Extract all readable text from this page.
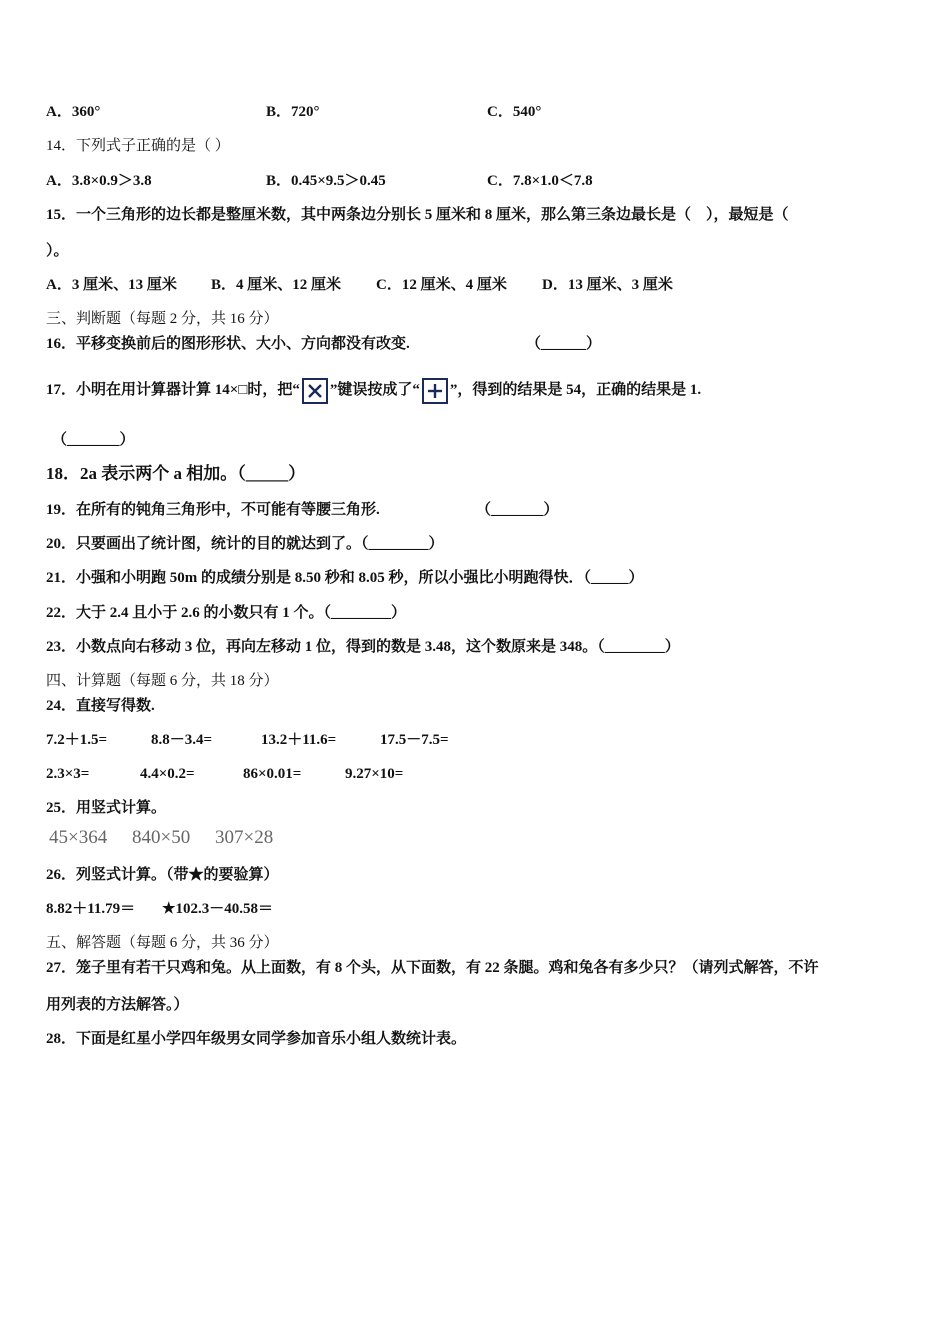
A．360°	B．720°	C．540°
14．下列式子正确的是（ ）
A．3.8×0.9＞3.8	B．0.45×9.5＞0.45	C．7.8×1.0＜7.8
15．一个三角形的边长都是整厘米数，其中两条边分别长 5 厘米和 8 厘米，那么第三条边最长是（　），最短是（
）。
A．3 厘米、13 厘米 B．4 厘米、12 厘米 C．12 厘米、4 厘米 D．13 厘米、3 厘米
三、判断题（每题 2 分，共 16 分）
16．平移变换前后的图形形状、大小、方向都没有改变.	（______）
17．小明在用计算器计算 14×□时，把“ ”键误按成了“ ”，得到的结果是 54，正确的结果是 1.
（_______）
18．2a 表示两个 a 相加。（_____）
19．在所有的钝角三角形中，不可能有等腰三角形.	（_______）
20．只要画出了统计图，统计的目的就达到了。（________）
21．小强和小明跑 50m 的成绩分别是 8.50 秒和 8.05 秒，所以小强比小明跑得快．（_____）
22．大于 2.4 且小于 2.6 的小数只有 1 个。（________）
23．小数点向右移动 3 位，再向左移动 1 位，得到的数是 3.48，这个数原来是 348。（________）
四、计算题（每题 6 分，共 18 分）
24．直接写得数.
7.2＋1.5=	8.8－3.4=	13.2＋11.6=	17.5－7.5=
2.3×3=	4.4×0.2=	86×0.01=	9.27×10=
25．用竖式计算。
45×364 840×50 307×28
26．列竖式计算。（带★的要验算）
8.82＋11.79＝ ★102.3－40.58＝
五、解答题（每题 6 分，共 36 分）
27．笼子里有若干只鸡和兔。从上面数，有 8 个头，从下面数，有 22 条腿。鸡和兔各有多少只？（请列式解答，不许
用列表的方法解答。）
28．下面是红星小学四年级男女同学参加音乐小组人数统计表。
